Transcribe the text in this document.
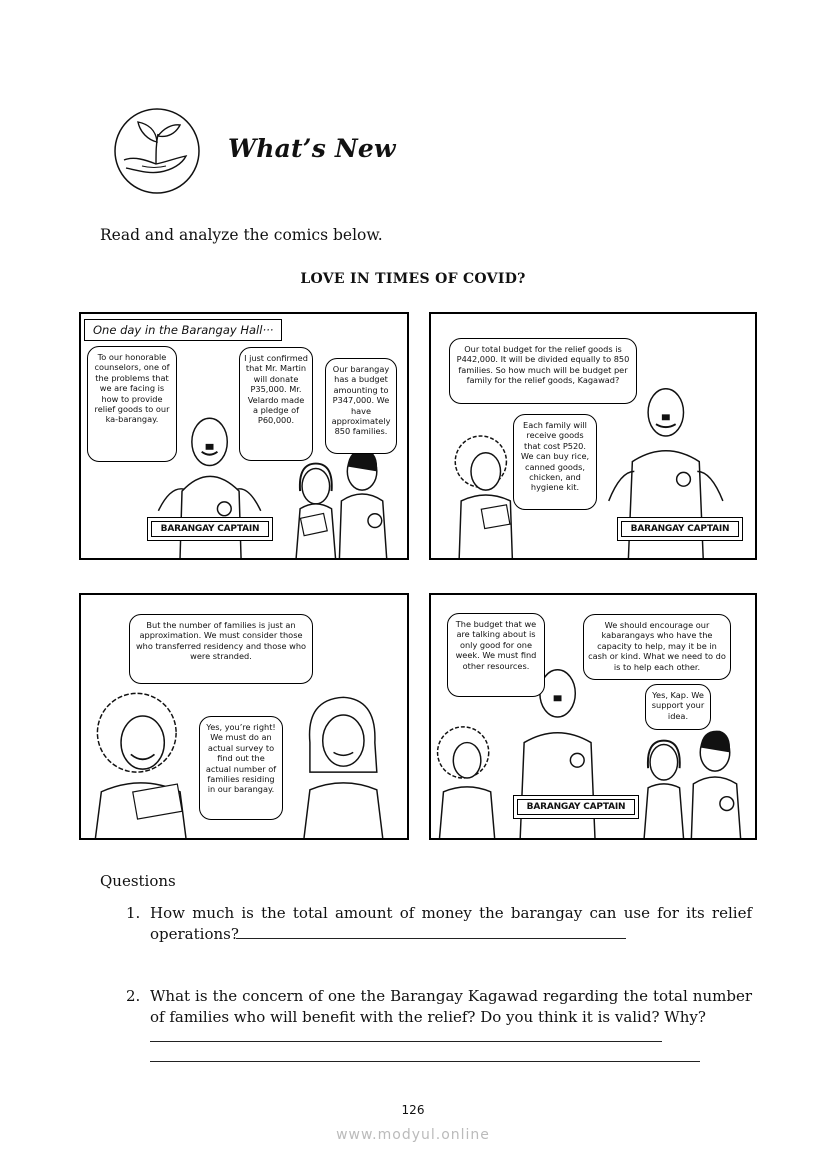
What’s New
Read and analyze the comics below.
LOVE IN TIMES OF COVID?
One day in the Barangay Hall···
To our honorable counselors, one of the problems that we are facing is how to provide relief goods to our ka-barangay.
I just confirmed that Mr. Martin will donate P35,000. Mr. Velardo made a pledge of P60,000.
Our barangay has a budget amounting to P347,000. We have approximately 850 families.
BARANGAY CAPTAIN
Our total budget for the relief goods is P442,000. It will be divided equally to 850 families. So how much will be budget per family for the relief goods, Kagawad?
Each family will receive goods that cost P520. We can buy rice, canned goods, chicken, and hygiene kit.
BARANGAY CAPTAIN
But the number of families is just an approximation. We must consider those who transferred residency and those who were stranded.
Yes, you’re right! We must do an actual survey to find out the actual number of families residing in our barangay.
The budget that we are talking about is only good for one week. We must find other resources.
We should encourage our kabarangays who have the capacity to help, may it be in cash or kind. What we need to do is to help each other.
Yes, Kap. We support your idea.
BARANGAY CAPTAIN
Questions
1. How much is the total amount of money the barangay can use for its relief operations?
2. What is the concern of one the Barangay Kagawad regarding the total number of families who will benefit with the relief? Do you think it is valid? Why?
126
www.modyul.online
